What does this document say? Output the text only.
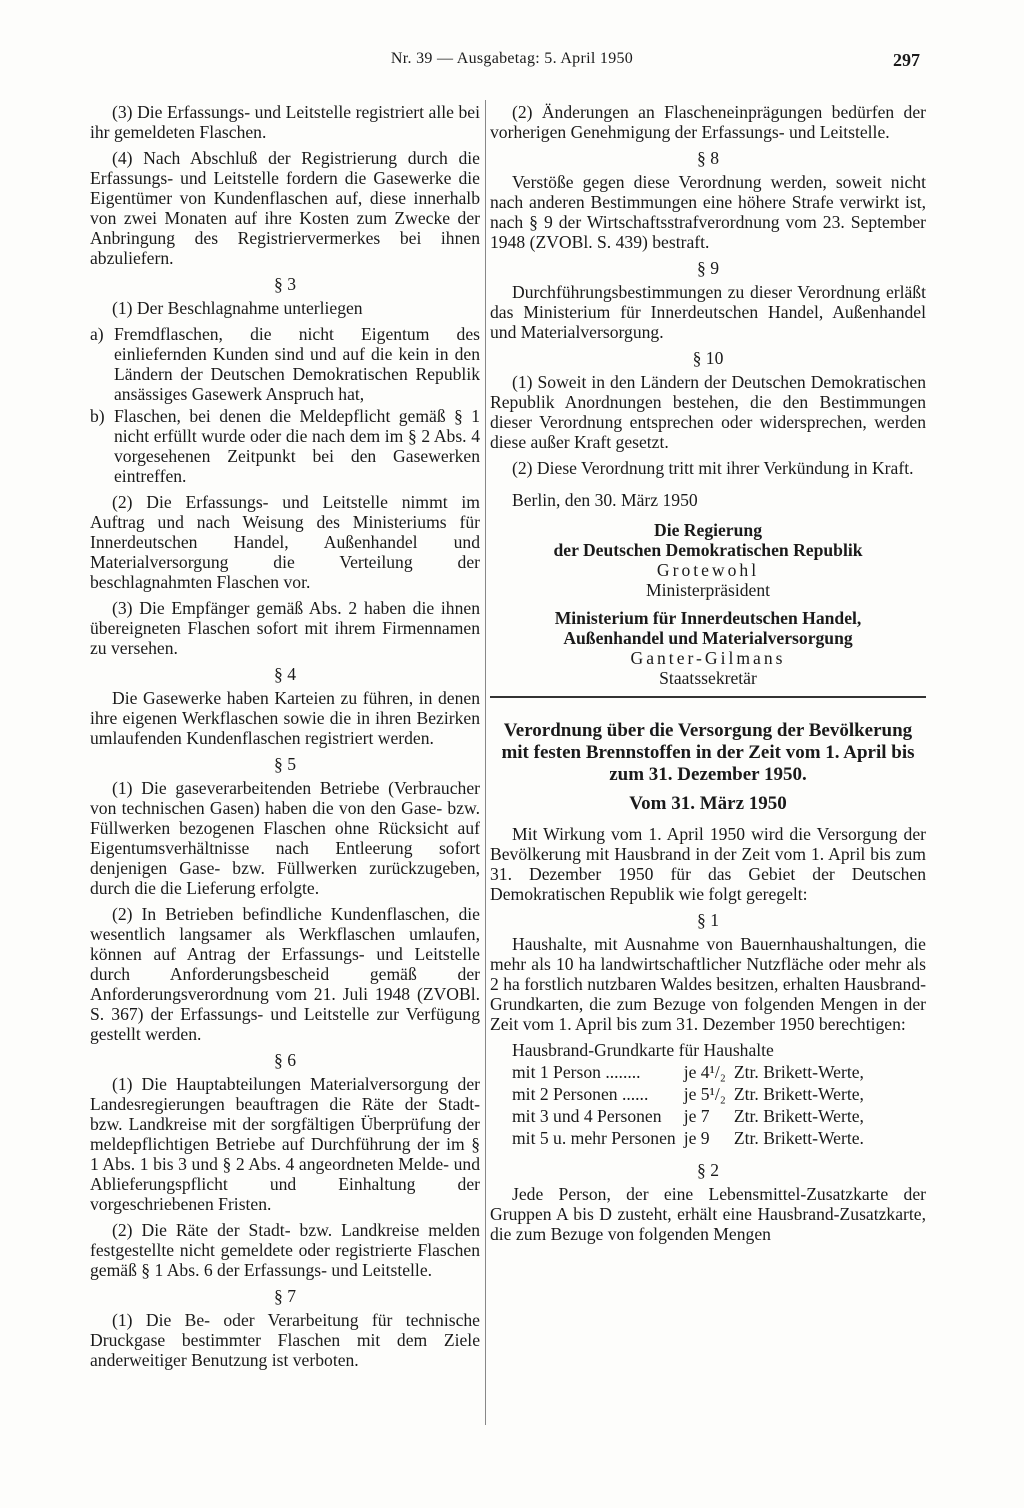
Nr. 39 — Ausgabetag: 5. April 1950	297

(3) Die Erfassungs- und Leitstelle registriert alle bei ihr gemeldeten Flaschen.

(4) Nach Abschluß der Registrierung durch die Erfassungs- und Leitstelle fordern die Gasewerke die Eigentümer von Kundenflaschen auf, diese innerhalb von zwei Monaten auf ihre Kosten zum Zwecke der Anbringung des Registriervermerkes bei ihnen abzuliefern.

§ 3

(1) Der Beschlagnahme unterliegen

a) Fremdflaschen, die nicht Eigentum des einliefernden Kunden sind und auf die kein in den Ländern der Deutschen Demokratischen Republik ansässiges Gasewerk Anspruch hat,
b) Flaschen, bei denen die Meldepflicht gemäß § 1 nicht erfüllt wurde oder die nach dem im § 2 Abs. 4 vorgesehenen Zeitpunkt bei den Gasewerken eintreffen.

(2) Die Erfassungs- und Leitstelle nimmt im Auftrag und nach Weisung des Ministeriums für Innerdeutschen Handel, Außenhandel und Materialversorgung die Verteilung der beschlagnahmten Flaschen vor.

(3) Die Empfänger gemäß Abs. 2 haben die ihnen übereigneten Flaschen sofort mit ihrem Firmennamen zu versehen.

§ 4

Die Gasewerke haben Karteien zu führen, in denen ihre eigenen Werkflaschen sowie die in ihren Bezirken umlaufenden Kundenflaschen registriert werden.

§ 5

(1) Die gaseverarbeitenden Betriebe (Verbraucher von technischen Gasen) haben die von den Gase- bzw. Füllwerken bezogenen Flaschen ohne Rücksicht auf Eigentumsverhältnisse nach Entleerung sofort denjenigen Gase- bzw. Füllwerken zurückzugeben, durch die die Lieferung erfolgte.

(2) In Betrieben befindliche Kundenflaschen, die wesentlich langsamer als Werkflaschen umlaufen, können auf Antrag der Erfassungs- und Leitstelle durch Anforderungsbescheid gemäß der Anforderungsverordnung vom 21. Juli 1948 (ZVOBl. S. 367) der Erfassungs- und Leitstelle zur Verfügung gestellt werden.

§ 6

(1) Die Hauptabteilungen Materialversorgung der Landesregierungen beauftragen die Räte der Stadt- bzw. Landkreise mit der sorgfältigen Überprüfung der meldepflichtigen Betriebe auf Durchführung der im § 1 Abs. 1 bis 3 und § 2 Abs. 4 angeordneten Melde- und Ablieferungspflicht und Einhaltung der vorgeschriebenen Fristen.

(2) Die Räte der Stadt- bzw. Landkreise melden festgestellte nicht gemeldete oder registrierte Flaschen gemäß § 1 Abs. 6 der Erfassungs- und Leitstelle.

§ 7

(1) Die Be- oder Verarbeitung für technische Druckgase bestimmter Flaschen mit dem Ziele anderweitiger Benutzung ist verboten.

(2) Änderungen an Flascheneinprägungen bedürfen der vorherigen Genehmigung der Erfassungs- und Leitstelle.

§ 8

Verstöße gegen diese Verordnung werden, soweit nicht nach anderen Bestimmungen eine höhere Strafe verwirkt ist, nach § 9 der Wirtschaftsstrafverordnung vom 23. September 1948 (ZVOBl. S. 439) bestraft.

§ 9

Durchführungsbestimmungen zu dieser Verordnung erläßt das Ministerium für Innerdeutschen Handel, Außenhandel und Materialversorgung.

§ 10

(1) Soweit in den Ländern der Deutschen Demokratischen Republik Anordnungen bestehen, die den Bestimmungen dieser Verordnung entsprechen oder widersprechen, werden diese außer Kraft gesetzt.

(2) Diese Verordnung tritt mit ihrer Verkündung in Kraft.

Berlin, den 30. März 1950

Die Regierung

der Deutschen Demokratischen Republik

Grotewohl

Ministerpräsident

Ministerium für Innerdeutschen Handel,

Außenhandel und Materialversorgung

Ganter-Gilmans

Staatssekretär

Verordnung über die Versorgung der Bevölkerung mit festen Brennstoffen in der Zeit vom 1. April bis zum 31. Dezember 1950.
Vom 31. März 1950

Mit Wirkung vom 1. April 1950 wird die Versorgung der Bevölkerung mit Hausbrand in der Zeit vom 1. April bis zum 31. Dezember 1950 für das Gebiet der Deutschen Demokratischen Republik wie folgt geregelt:

§ 1

Haushalte, mit Ausnahme von Bauernhaushaltungen, die mehr als 10 ha landwirtschaftlicher Nutzfläche oder mehr als 2 ha forstlich nutzbaren Waldes besitzen, erhalten Hausbrand-Grundkarten, die zum Bezuge von folgenden Mengen in der Zeit vom 1. April bis zum 31. Dezember 1950 berechtigen:

Hausbrand-Grundkarte für Haushalte
mit 1 Person ........	je 4¹/₂	Ztr. Brikett-Werte,
mit 2 Personen ......	je 5¹/₂	Ztr. Brikett-Werte,
mit 3 und 4 Personen	je 7	Ztr. Brikett-Werte,
mit 5 u. mehr Personen	je 9	Ztr. Brikett-Werte.
§ 2

Jede Person, der eine Lebensmittel-Zusatzkarte der Gruppen A bis D zusteht, erhält eine Hausbrand-Zusatzkarte, die zum Bezuge von folgenden Mengen
